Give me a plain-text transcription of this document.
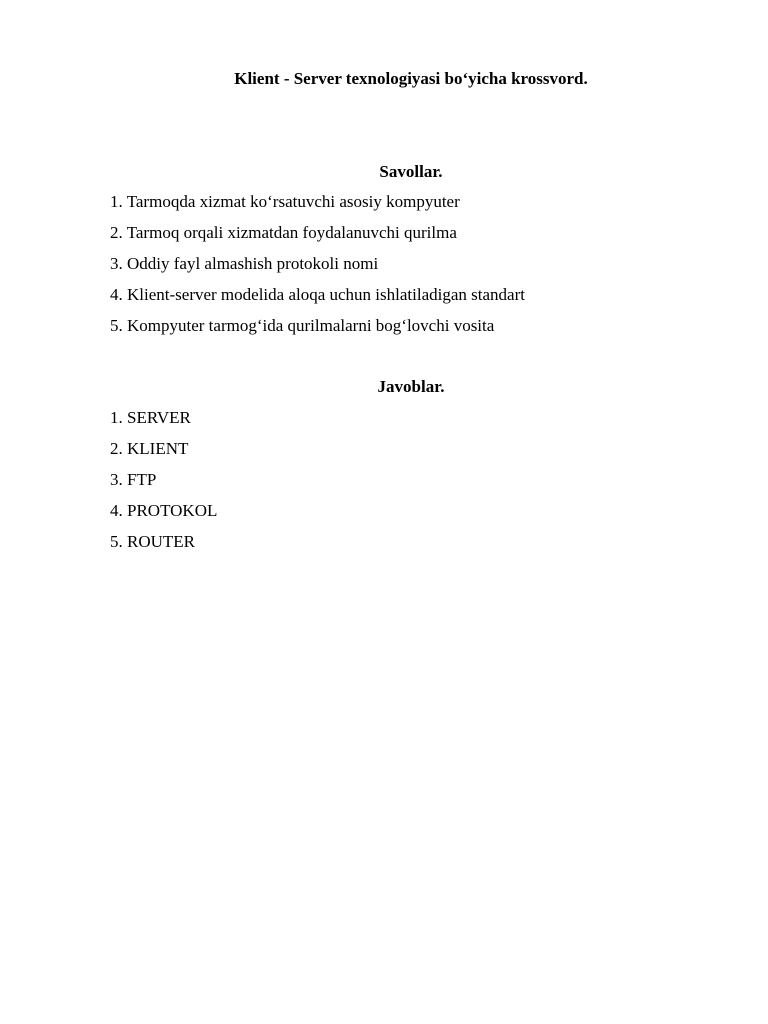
Klient - Server texnologiyasi bo‘yicha krossvord.
Savollar.
1. Tarmoqda xizmat ko‘rsatuvchi asosiy kompyuter
2. Tarmoq orqali xizmatdan foydalanuvchi qurilma
3. Oddiy fayl almashish protokoli nomi
4. Klient-server modelida aloqa uchun ishlatiladigan standart
5. Kompyuter tarmog‘ida qurilmalarni bog‘lovchi vosita
Javoblar.
1. SERVER
2. KLIENT
3. FTP
4. PROTOKOL
5. ROUTER
